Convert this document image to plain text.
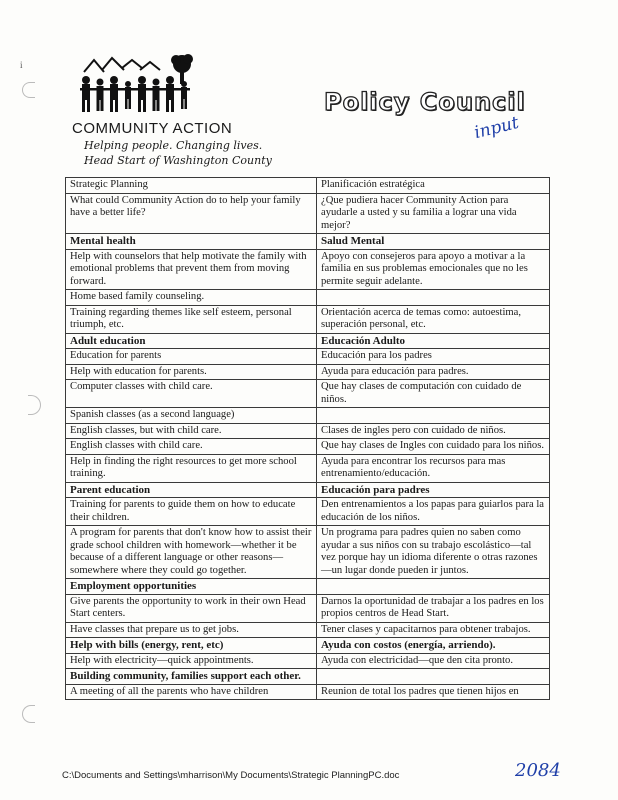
i
COMMUNITY ACTION
Helping people. Changing lives.
Head Start of Washington County
Policy Council
input
Strategic Planning	Planificación estratégica
What could Community Action do to help your family have a better life?	¿Que pudiera hacer Community Action para ayudarle a usted y su familia a lograr una vida mejor?
Mental health	Salud Mental
Help with counselors that help motivate the family with emotional problems that prevent them from moving forward.	Apoyo con consejeros para apoyo a motivar a la familia en sus problemas emocionales que no les permite seguir adelante.
Home based family counseling.	
Training regarding themes like self esteem, personal triumph, etc.	Orientación acerca de temas como: autoestima, superación personal, etc.
Adult education	Educación Adulto
Education for parents	Educación para los padres
Help with education for parents.	Ayuda para educación para padres.
Computer classes with child care.	Que hay clases de computación con cuidado de niños.
Spanish classes (as a second language)	
English classes, but with child care.	Clases de ingles pero con cuidado de niños.
English classes with child care.	Que hay clases de Ingles con cuidado para los niños.
Help in finding the right resources to get more school training.	Ayuda para encontrar los recursos para mas entrenamiento/educación.
Parent education	Educación para padres
Training for parents to guide them on how to educate their children.	Den entrenamientos a los papas para guiarlos para la educación de los niños.
A program for parents that don't know how to assist their grade school children with homework—whether it be because of a different language or other reasons—somewhere where they could go together.	Un programa para padres quien no saben como ayudar a sus niños con su trabajo escolástico—tal vez porque hay un idioma diferente o otras razones—un lugar donde pueden ir juntos.
Employment opportunities	
Give parents the opportunity to work in their own Head Start centers.	Darnos la oportunidad de trabajar a los padres en los propios centros de Head Start.
Have classes that prepare us to get jobs.	Tener clases y capacitarnos para obtener trabajos.
Help with bills (energy, rent, etc)	Ayuda con costos (energía, arriendo).
Help with electricity—quick appointments.	Ayuda con electricidad—que den cita pronto.
Building community, families support each other.	
A meeting of all the parents who have children	Reunion de total los padres que tienen hijos en
C:\Documents and Settings\mharrison\My Documents\Strategic PlanningPC.doc	2084
